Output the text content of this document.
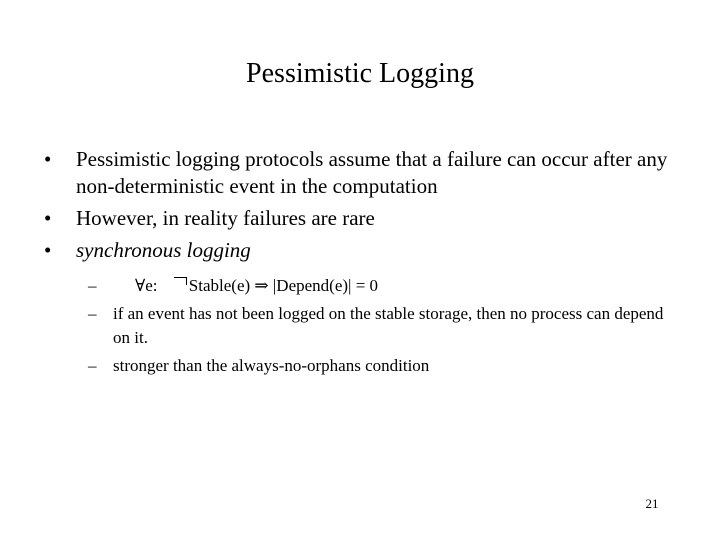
Pessimistic Logging
•	Pessimistic logging protocols assume that a failure can occur after any non-deterministic event in the computation
•	However, in reality failures are rare
•	synchronous logging
–	∀e: Stable(e) ⇒ |Depend(e)| = 0
– if an event has not been logged on the stable storage, then no process can depend on it.
– stronger than the always-no-orphans condition
21
